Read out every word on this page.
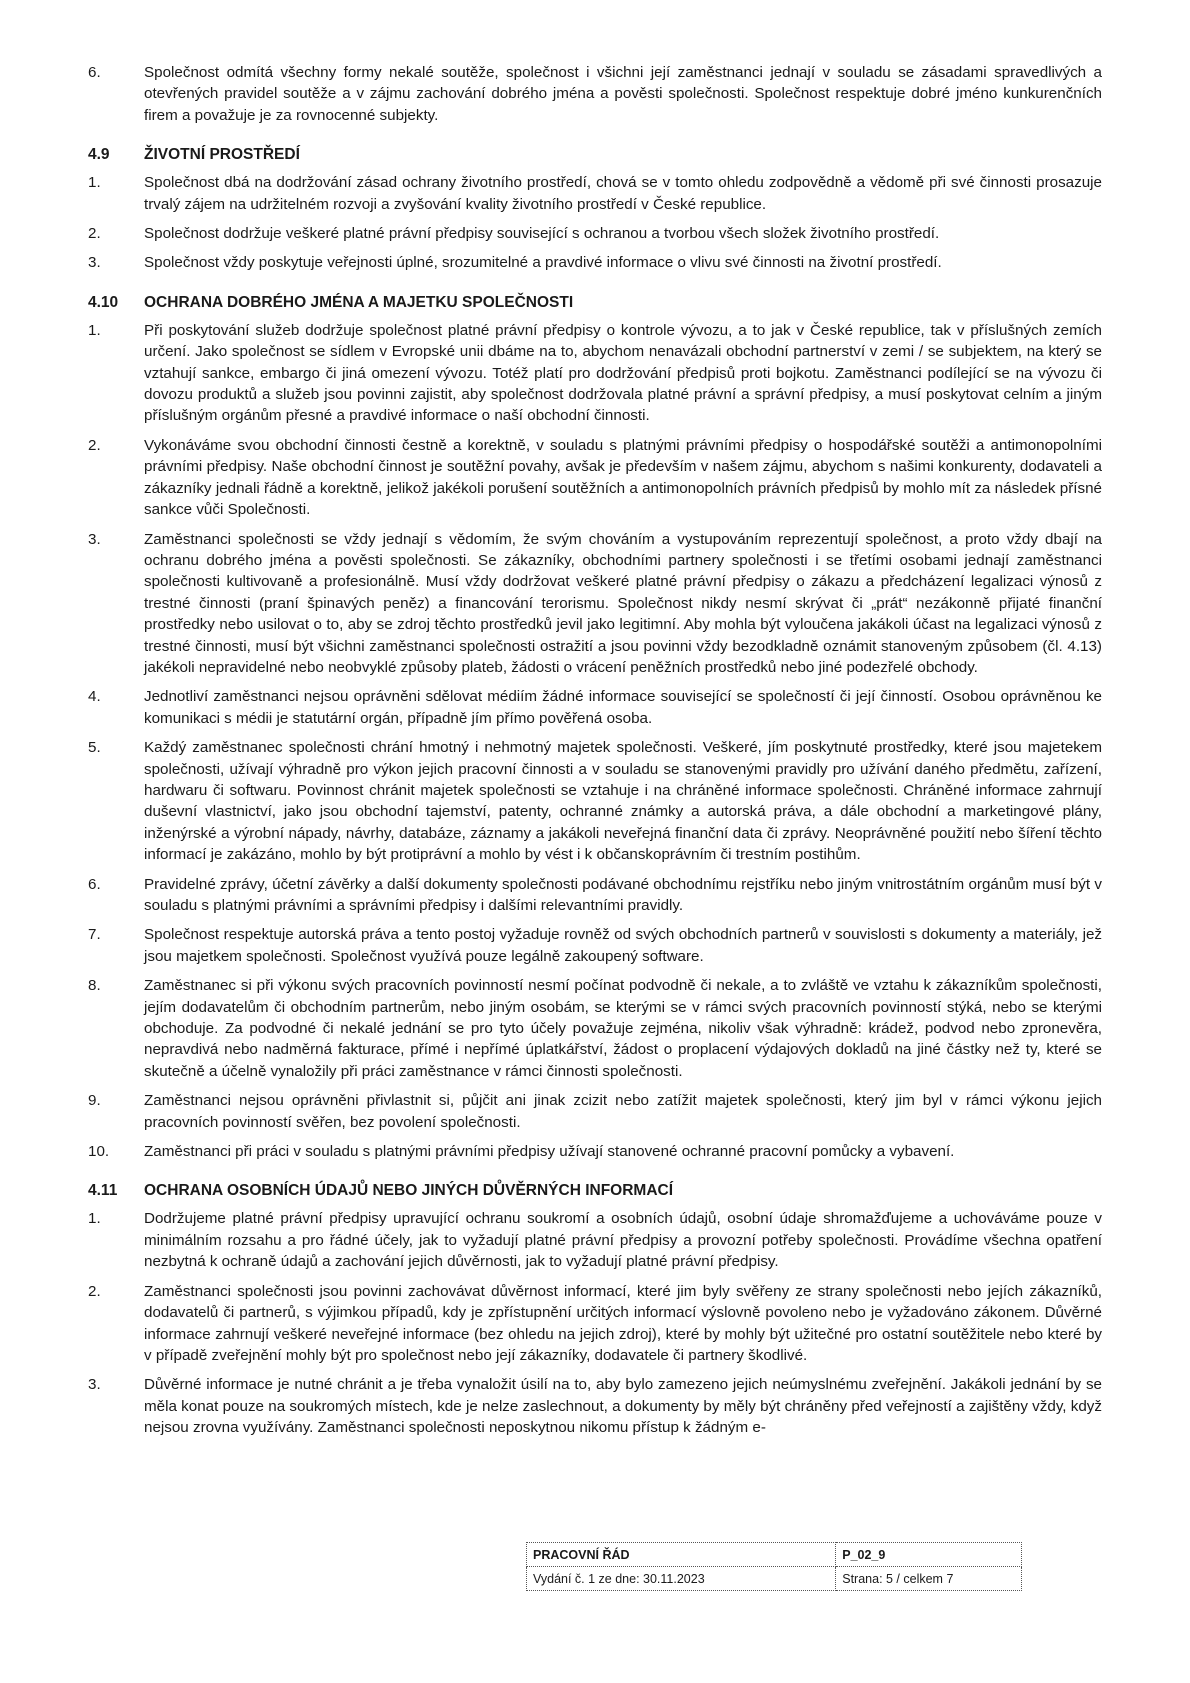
6.	Společnost odmítá všechny formy nekalé soutěže, společnost i všichni její zaměstnanci jednají v souladu se zásadami spravedlivých a otevřených pravidel soutěže a v zájmu zachování dobrého jména a pověsti společnosti. Společnost respektuje dobré jméno kunkurenčních firem a považuje je za rovnocenné subjekty.
4.9	ŽIVOTNÍ PROSTŘEDÍ
1.	Společnost dbá na dodržování zásad ochrany životního prostředí, chová se v tomto ohledu zodpovědně a vědomě při své činnosti prosazuje trvalý zájem na udržitelném rozvoji a zvyšování kvality životního prostředí v České republice.
2.	Společnost dodržuje veškeré platné právní předpisy související s ochranou a tvorbou všech složek životního prostředí.
3.	Společnost vždy poskytuje veřejnosti úplné, srozumitelné a pravdivé informace o vlivu své činnosti na životní prostředí.
4.10	OCHRANA DOBRÉHO JMÉNA A MAJETKU SPOLEČNOSTI
1.	Při poskytování služeb dodržuje společnost platné právní předpisy o kontrole vývozu, a to jak v České republice, tak v příslušných zemích určení. Jako společnost se sídlem v Evropské unii dbáme na to, abychom nenavázali obchodní partnerství v zemi / se subjektem, na který se vztahují sankce, embargo či jiná omezení vývozu. Totéž platí pro dodržování předpisů proti bojkotu. Zaměstnanci podílející se na vývozu či dovozu produktů a služeb jsou povinni zajistit, aby společnost dodržovala platné právní a správní předpisy, a musí poskytovat celním a jiným příslušným orgánům přesné a pravdivé informace o naší obchodní činnosti.
2.	Vykonáváme svou obchodní činnosti čestně a korektně, v souladu s platnými právními předpisy o hospodářské soutěži a antimonopolními právními předpisy. Naše obchodní činnost je soutěžní povahy, avšak je především v našem zájmu, abychom s našimi konkurenty, dodavateli a zákazníky jednali řádně a korektně, jelikož jakékoli porušení soutěžních a antimonopolních právních předpisů by mohlo mít za následek přísné sankce vůči Společnosti.
3.	Zaměstnanci společnosti se vždy jednají s vědomím, že svým chováním a vystupováním reprezentují společnost, a proto vždy dbají na ochranu dobrého jména a pověsti společnosti. Se zákazníky, obchodními partnery společnosti i se třetími osobami jednají zaměstnanci společnosti kultivovaně a profesionálně. Musí vždy dodržovat veškeré platné právní předpisy o zákazu a předcházení legalizaci výnosů z trestné činnosti (praní špinavých peněz) a financování terorismu. Společnost nikdy nesmí skrývat či „prát“ nezákonně přijaté finanční prostředky nebo usilovat o to, aby se zdroj těchto prostředků jevil jako legitimní. Aby mohla být vyloučena jakákoli účast na legalizaci výnosů z trestné činnosti, musí být všichni zaměstnanci společnosti ostražití a jsou povinni vždy bezodkladně oznámit stanoveným způsobem (čl. 4.13) jakékoli nepravidelné nebo neobvyklé způsoby plateb, žádosti o vrácení peněžních prostředků nebo jiné podezřelé obchody.
4.	Jednotliví zaměstnanci nejsou oprávněni sdělovat médiím žádné informace související se společností či její činností. Osobou oprávněnou ke komunikaci s médii je statutární orgán, případně jím přímo pověřená osoba.
5.	Každý zaměstnanec společnosti chrání hmotný i nehmotný majetek společnosti. Veškeré, jím poskytnuté prostředky, které jsou majetekem společnosti, užívají výhradně pro výkon jejich pracovní činnosti a v souladu se stanovenými pravidly pro užívání daného předmětu, zařízení, hardwaru či softwaru. Povinnost chránit majetek společnosti se vztahuje i na chráněné informace společnosti. Chráněné informace zahrnují duševní vlastnictví, jako jsou obchodní tajemství, patenty, ochranné známky a autorská práva, a dále obchodní a marketingové plány, inženýrské a výrobní nápady, návrhy, databáze, záznamy a jakákoli neveřejná finanční data či zprávy. Neoprávněné použití nebo šíření těchto informací je zakázáno, mohlo by být protiprávní a mohlo by vést i k občanskoprávním či trestním postihům.
6.	Pravidelné zprávy, účetní závěrky a další dokumenty společnosti podávané obchodnímu rejstříku nebo jiným vnitrostátním orgánům musí být v souladu s platnými právními a správními předpisy i dalšími relevantními pravidly.
7.	Společnost respektuje autorská práva a tento postoj vyžaduje rovněž od svých obchodních partnerů v souvislosti s dokumenty a materiály, jež jsou majetkem společnosti. Společnost využívá pouze legálně zakoupený software.
8.	Zaměstnanec si při výkonu svých pracovních povinností nesmí počínat podvodně či nekale, a to zvláště ve vztahu k zákazníkům společnosti, jejím dodavatelům či obchodním partnerům, nebo jiným osobám, se kterými se v rámci svých pracovních povinností stýká, nebo se kterými obchoduje. Za podvodné či nekalé jednání se pro tyto účely považuje zejména, nikoliv však výhradně: krádež, podvod nebo zpronevěra, nepravdivá nebo nadměrná fakturace, přímé i nepřímé úplatkářství, žádost o proplacení výdajových dokladů na jiné částky než ty, které se skutečně a účelně vynaložily při práci zaměstnance v rámci činnosti společnosti.
9.	Zaměstnanci nejsou oprávněni přivlastnit si, půjčit ani jinak zcizit nebo zatížit majetek společnosti, který jim byl v rámci výkonu jejich pracovních povinností svěřen, bez povolení společnosti.
10.	Zaměstnanci při práci v souladu s platnými právními předpisy užívají stanovené ochranné pracovní pomůcky a vybavení.
4.11	OCHRANA OSOBNÍCH ÚDAJŮ NEBO JINÝCH DŮVĚRNÝCH INFORMACÍ
1.	Dodržujeme platné právní předpisy upravující ochranu soukromí a osobních údajů, osobní údaje shromažďujeme a uchováváme pouze v minimálním rozsahu a pro řádné účely, jak to vyžadují platné právní předpisy a provozní potřeby společnosti. Provádíme všechna opatření nezbytná k ochraně údajů a zachování jejich důvěrnosti, jak to vyžadují platné právní předpisy.
2.	Zaměstnanci společnosti jsou povinni zachovávat důvěrnost informací, které jim byly svěřeny ze strany společnosti nebo jejích zákazníků, dodavatelů či partnerů, s výjimkou případů, kdy je zpřístupnění určitých informací výslovně povoleno nebo je vyžadováno zákonem. Důvěrné informace zahrnují veškeré neveřejné informace (bez ohledu na jejich zdroj), které by mohly být užitečné pro ostatní soutěžitele nebo které by v případě zveřejnění mohly být pro společnost nebo její zákazníky, dodavatele či partnery škodlivé.
3.	Důvěrné informace je nutné chránit a je třeba vynaložit úsilí na to, aby bylo zamezeno jejich neúmyslnému zveřejnění. Jakákoli jednání by se měla konat pouze na soukromých místech, kde je nelze zaslechnout, a dokumenty by měly být chráněny před veřejností a zajištěny vždy, když nejsou zrovna využívány. Zaměstnanci společnosti neposkytnou nikomu přístup k žádným e-
PRACOVNÍ ŘÁD	P_02_9
Vydání č. 1 ze dne: 30.11.2023	Strana: 5 / celkem 7
